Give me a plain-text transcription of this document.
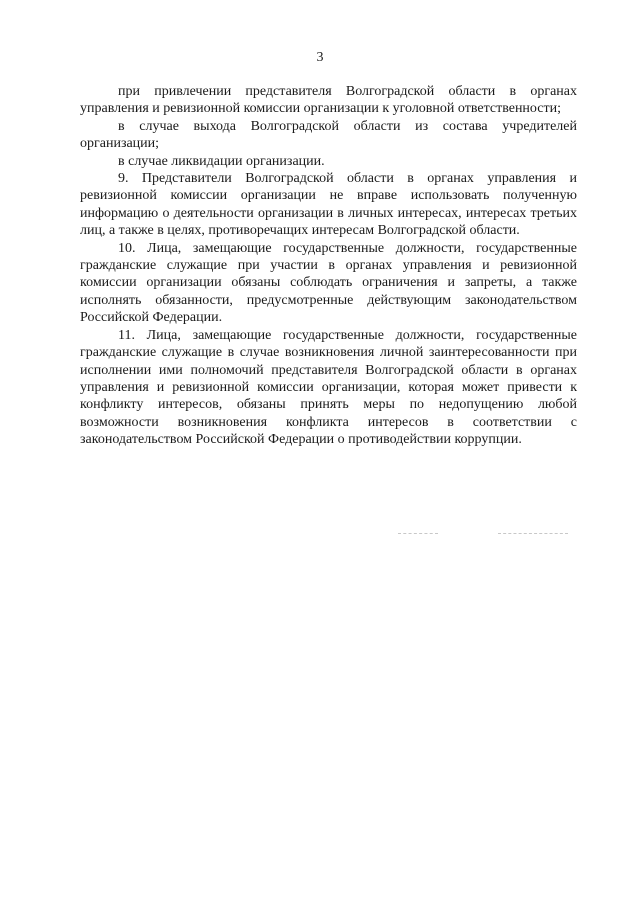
3

при привлечении представителя Волгоградской области в органах управления и ревизионной комиссии организации к уголовной ответственности;

в случае выхода Волгоградской области из состава учредителей организации;

в случае ликвидации организации.

9. Представители Волгоградской области в органах управления и ревизионной комиссии организации не вправе использовать полученную информацию о деятельности организации в личных интересах, интересах третьих лиц, а также в целях, противоречащих интересам Волгоградской области.

10. Лица, замещающие государственные должности, государственные гражданские служащие при участии в органах управления и ревизионной комиссии организации обязаны соблюдать ограничения и запреты, а также исполнять обязанности, предусмотренные действующим законодательством Российской Федерации.

11. Лица, замещающие государственные должности, государственные гражданские служащие в случае возникновения личной заинтересованности при исполнении ими полномочий представителя Волгоградской области в органах управления и ревизионной комиссии организации, которая может привести к конфликту интересов, обязаны принять меры по недопущению любой возможности возникновения конфликта интересов в соответствии с законодательством Российской Федерации о противодействии коррупции.
